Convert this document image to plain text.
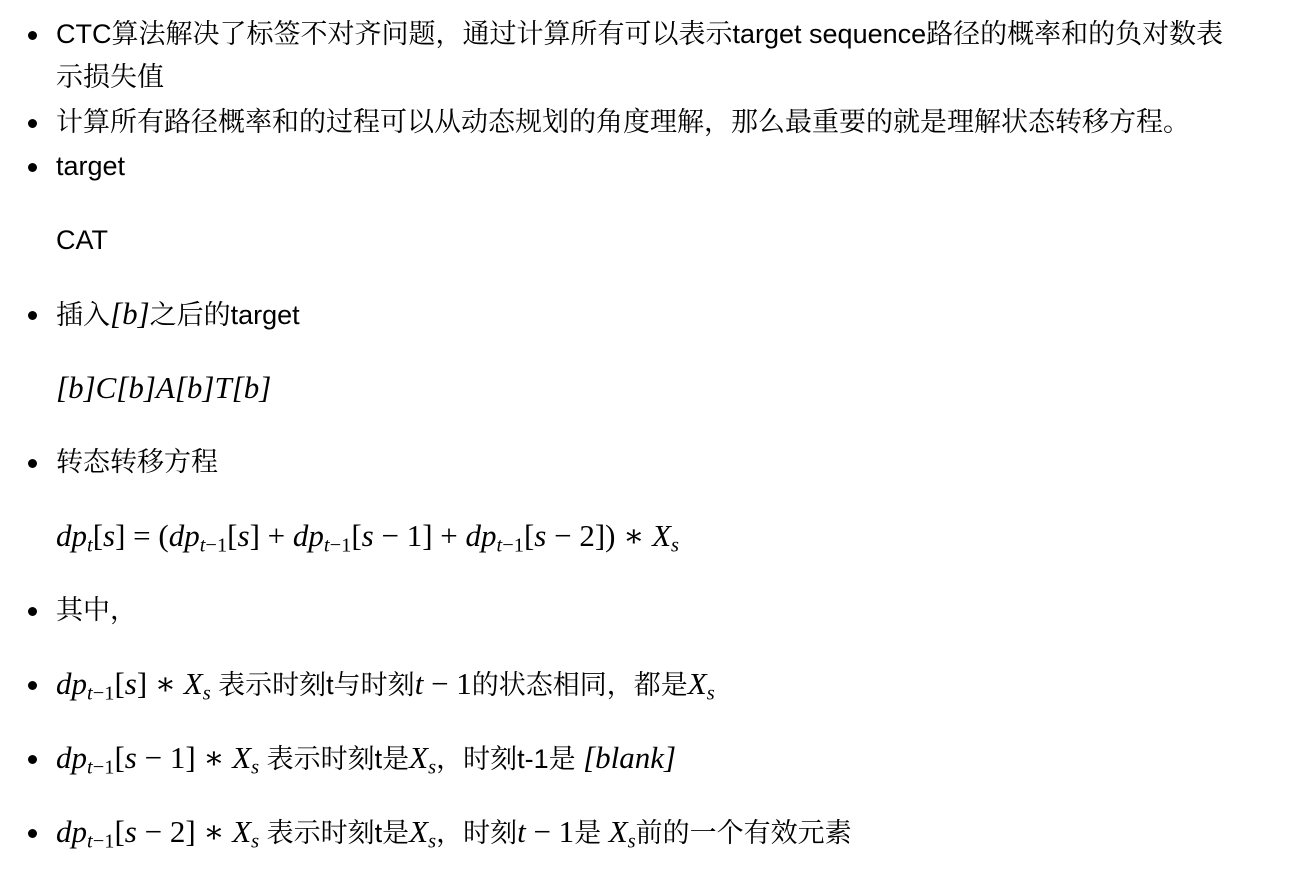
CTC算法解决了标签不对齐问题，通过计算所有可以表示target sequence路径的概率和的负对数表
示损失值
计算所有路径概率和的过程可以从动态规划的角度理解，那么最重要的就是理解状态转移方程。
target
CAT
插入[b]之后的target
[b]C[b]A[b]T[b]
转态转移方程
$dp_t[s] = (dp_{t-1}[s] + dp_{t-1}[s - 1] + dp_{t-1}[s - 2])$ ∗ $X_s$
其中，
$dp_{t-1}[s]$ ∗ $X_s$ 表示时刻t与时刻t − 1的状态相同，都是$X_s$
$dp_{t-1}[s - 1]$ ∗ $X_s$ 表示时刻t是$X_s$，时刻t-1是 [blank]
$dp_{t-1}[s - 2]$ ∗ $X_s$ 表示时刻t是$X_s$，时刻t − 1是 $X_s$前的一个有效元素
